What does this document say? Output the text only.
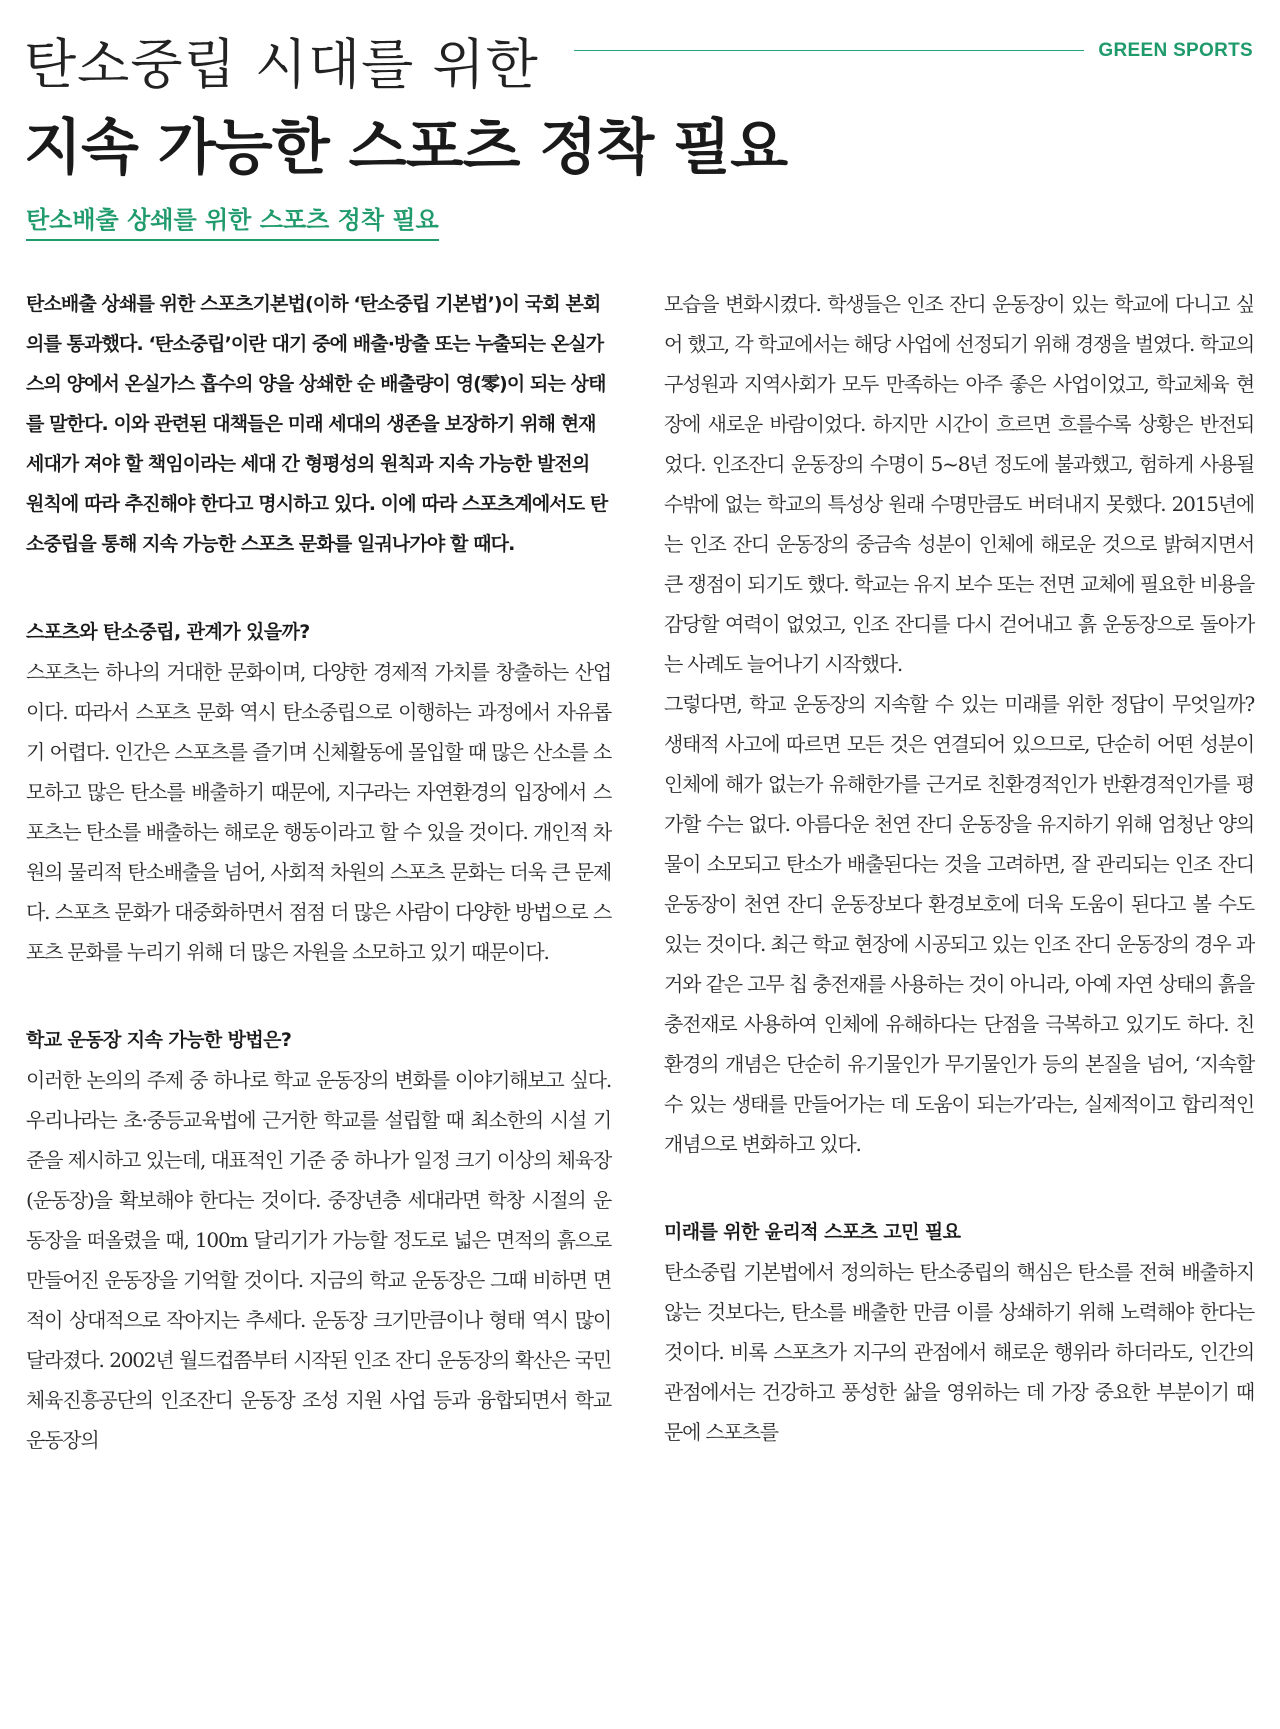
탄소중립 시대를 위한	GREEN SPORTS
지속 가능한 스포츠 정착 필요
탄소배출 상쇄를 위한 스포츠 정착 필요

탄소배출 상쇄를 위한 스포츠기본법(이하 ‘탄소중립 기본법’)이 국회 본회의를 통과했다. ‘탄소중립’이란 대기 중에 배출·방출 또는 누출되는 온실가스의 양에서 온실가스 흡수의 양을 상쇄한 순 배출량이 영(零)이 되는 상태를 말한다. 이와 관련된 대책들은 미래 세대의 생존을 보장하기 위해 현재 세대가 져야 할 책임이라는 세대 간 형평성의 원칙과 지속 가능한 발전의 원칙에 따라 추진해야 한다고 명시하고 있다. 이에 따라 스포츠계에서도 탄소중립을 통해 지속 가능한 스포츠 문화를 일궈나가야 할 때다.

스포츠와 탄소중립, 관계가 있을까?

스포츠는 하나의 거대한 문화이며, 다양한 경제적 가치를 창출하는 산업이다. 따라서 스포츠 문화 역시 탄소중립으로 이행하는 과정에서 자유롭기 어렵다. 인간은 스포츠를 즐기며 신체활동에 몰입할 때 많은 산소를 소모하고 많은 탄소를 배출하기 때문에, 지구라는 자연환경의 입장에서 스포츠는 탄소를 배출하는 해로운 행동이라고 할 수 있을 것이다. 개인적 차원의 물리적 탄소배출을 넘어, 사회적 차원의 스포츠 문화는 더욱 큰 문제다. 스포츠 문화가 대중화하면서 점점 더 많은 사람이 다양한 방법으로 스포츠 문화를 누리기 위해 더 많은 자원을 소모하고 있기 때문이다.

학교 운동장 지속 가능한 방법은?

이러한 논의의 주제 중 하나로 학교 운동장의 변화를 이야기해보고 싶다. 우리나라는 초·중등교육법에 근거한 학교를 설립할 때 최소한의 시설 기준을 제시하고 있는데, 대표적인 기준 중 하나가 일정 크기 이상의 체육장(운동장)을 확보해야 한다는 것이다. 중장년층 세대라면 학창 시절의 운동장을 떠올렸을 때, 100m 달리기가 가능할 정도로 넓은 면적의 흙으로 만들어진 운동장을 기억할 것이다. 지금의 학교 운동장은 그때 비하면 면적이 상대적으로 작아지는 추세다. 운동장 크기만큼이나 형태 역시 많이 달라졌다. 2002년 월드컵쯤부터 시작된 인조 잔디 운동장의 확산은 국민체육진흥공단의 인조잔디 운동장 조성 지원 사업 등과 융합되면서 학교 운동장의

모습을 변화시켰다. 학생들은 인조 잔디 운동장이 있는 학교에 다니고 싶어 했고, 각 학교에서는 해당 사업에 선정되기 위해 경쟁을 벌였다. 학교의 구성원과 지역사회가 모두 만족하는 아주 좋은 사업이었고, 학교체육 현장에 새로운 바람이었다. 하지만 시간이 흐르면 흐를수록 상황은 반전되었다. 인조잔디 운동장의 수명이 5~8년 정도에 불과했고, 험하게 사용될 수밖에 없는 학교의 특성상 원래 수명만큼도 버텨내지 못했다. 2015년에는 인조 잔디 운동장의 중금속 성분이 인체에 해로운 것으로 밝혀지면서 큰 쟁점이 되기도 했다. 학교는 유지 보수 또는 전면 교체에 필요한 비용을 감당할 여력이 없었고, 인조 잔디를 다시 걷어내고 흙 운동장으로 돌아가는 사례도 늘어나기 시작했다.

그렇다면, 학교 운동장의 지속할 수 있는 미래를 위한 정답이 무엇일까? 생태적 사고에 따르면 모든 것은 연결되어 있으므로, 단순히 어떤 성분이 인체에 해가 없는가 유해한가를 근거로 친환경적인가 반환경적인가를 평가할 수는 없다. 아름다운 천연 잔디 운동장을 유지하기 위해 엄청난 양의 물이 소모되고 탄소가 배출된다는 것을 고려하면, 잘 관리되는 인조 잔디 운동장이 천연 잔디 운동장보다 환경보호에 더욱 도움이 된다고 볼 수도 있는 것이다. 최근 학교 현장에 시공되고 있는 인조 잔디 운동장의 경우 과거와 같은 고무 칩 충전재를 사용하는 것이 아니라, 아예 자연 상태의 흙을 충전재로 사용하여 인체에 유해하다는 단점을 극복하고 있기도 하다. 친환경의 개념은 단순히 유기물인가 무기물인가 등의 본질을 넘어, ‘지속할 수 있는 생태를 만들어가는 데 도움이 되는가’라는, 실제적이고 합리적인 개념으로 변화하고 있다.

미래를 위한 윤리적 스포츠 고민 필요

탄소중립 기본법에서 정의하는 탄소중립의 핵심은 탄소를 전혀 배출하지 않는 것보다는, 탄소를 배출한 만큼 이를 상쇄하기 위해 노력해야 한다는 것이다. 비록 스포츠가 지구의 관점에서 해로운 행위라 하더라도, 인간의 관점에서는 건강하고 풍성한 삶을 영위하는 데 가장 중요한 부분이기 때문에 스포츠를
